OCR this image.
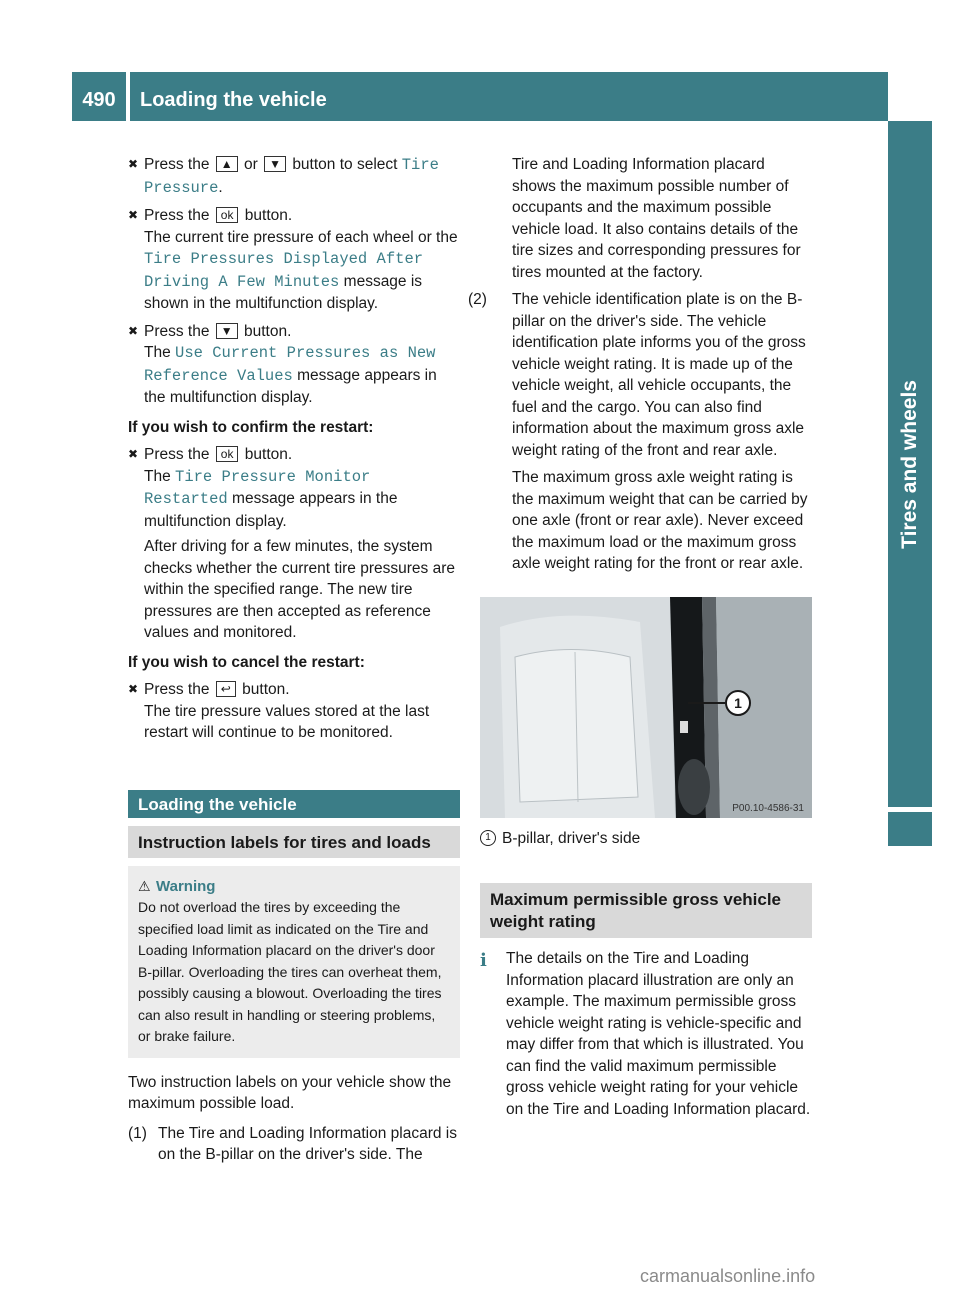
490	Loading the vehicle
Tires and wheels

✖ Press the ▲ or ▼ button to select Tire Pressure.

✖ Press the ok button.
The current tire pressure of each wheel or the Tire Pressures Displayed After Driving A Few Minutes message is shown in the multifunction display.

✖ Press the ▼ button.
The Use Current Pressures as New Reference Values message appears in the multifunction display.

If you wish to confirm the restart:

✖ Press the ok button.
The Tire Pressure Monitor Restarted message appears in the multifunction display.

After driving for a few minutes, the system checks whether the current tire pressures are within the specified range. The new tire pressures are then accepted as reference values and monitored.

If you wish to cancel the restart:

✖ Press the ↩ button.
The tire pressure values stored at the last restart will continue to be monitored.

Loading the vehicle

Instruction labels for tires and loads

⚠ Warning
Do not overload the tires by exceeding the specified load limit as indicated on the Tire and Loading Information placard on the driver's door B-pillar. Overloading the tires can overheat them, possibly causing a blowout. Overloading the tires can also result in handling or steering problems, or brake failure.

Two instruction labels on your vehicle show the maximum possible load.

(1) The Tire and Loading Information placard is on the B-pillar on the driver's side. The

Tire and Loading Information placard shows the maximum possible number of occupants and the maximum possible vehicle load. It also contains details of the tire sizes and corresponding pressures for tires mounted at the factory.

(2) The vehicle identification plate is on the B-pillar on the driver's side. The vehicle identification plate informs you of the gross vehicle weight rating. It is made up of the vehicle weight, all vehicle occupants, the fuel and the cargo. You can also find information about the maximum gross axle weight rating of the front and rear axle.

The maximum gross axle weight rating is the maximum weight that can be carried by one axle (front or rear axle). Never exceed the maximum load or the maximum gross axle weight rating for the front or rear axle.

1
P00.10-4586-31

1 B-pillar, driver's side

Maximum permissible gross vehicle weight rating

i The details on the Tire and Loading Information placard illustration are only an example. The maximum permissible gross vehicle weight rating is vehicle-specific and may differ from that which is illustrated. You can find the valid maximum permissible gross vehicle weight rating for your vehicle on the Tire and Loading Information placard.

carmanualsonline.info
